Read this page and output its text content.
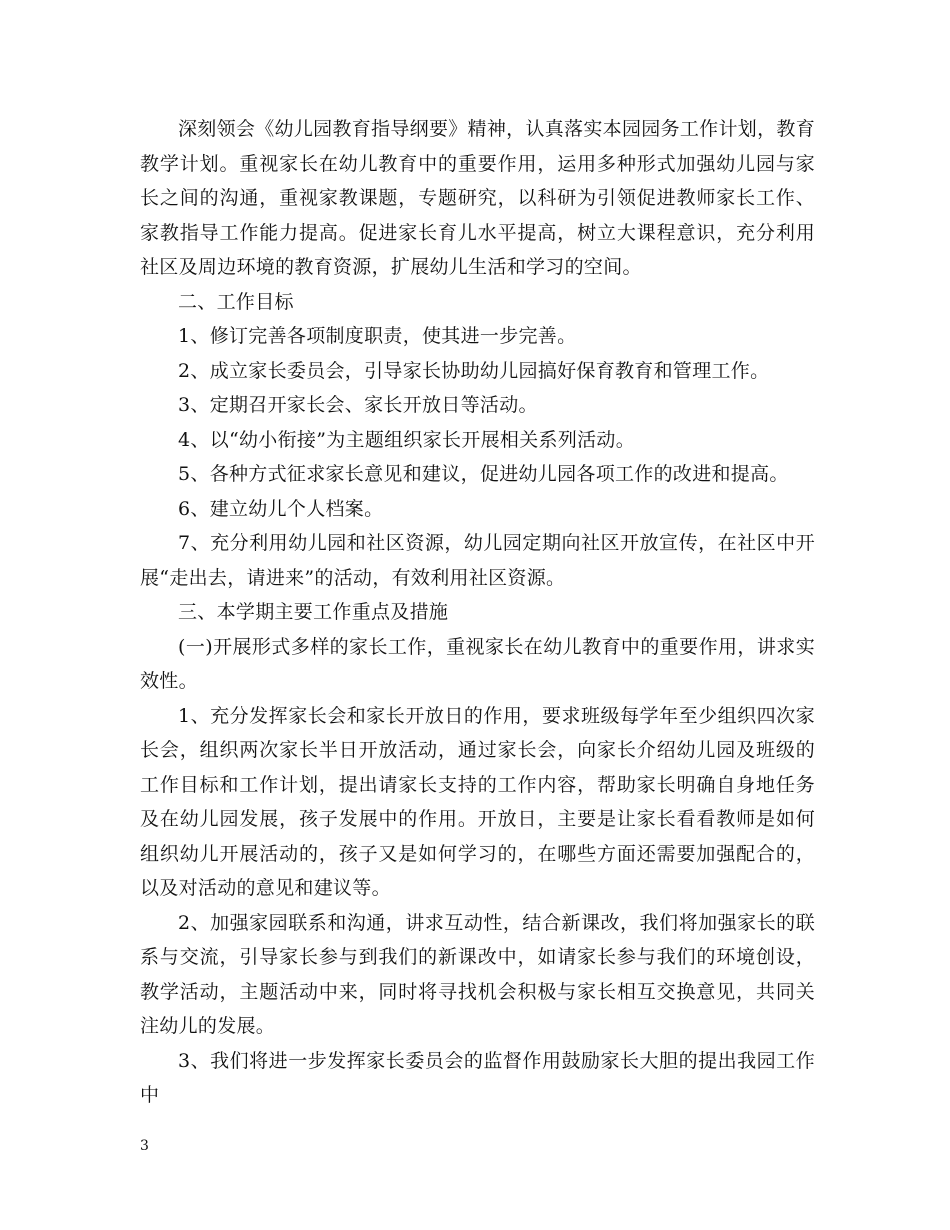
深刻领会《幼儿园教育指导纲要》精神，认真落实本园园务工作计划，教育教学计划。重视家长在幼儿教育中的重要作用，运用多种形式加强幼儿园与家长之间的沟通，重视家教课题，专题研究，以科研为引领促进教师家长工作、家教指导工作能力提高。促进家长育儿水平提高，树立大课程意识，充分利用社区及周边环境的教育资源，扩展幼儿生活和学习的空间。

二、工作目标

1、修订完善各项制度职责，使其进一步完善。

2、成立家长委员会，引导家长协助幼儿园搞好保育教育和管理工作。

3、定期召开家长会、家长开放日等活动。

4、以“幼小衔接”为主题组织家长开展相关系列活动。

5、各种方式征求家长意见和建议，促进幼儿园各项工作的改进和提高。

6、建立幼儿个人档案。

7、充分利用幼儿园和社区资源，幼儿园定期向社区开放宣传，在社区中开展“走出去，请进来”的活动，有效利用社区资源。

三、本学期主要工作重点及措施

(一)开展形式多样的家长工作，重视家长在幼儿教育中的重要作用，讲求实效性。

1、充分发挥家长会和家长开放日的作用，要求班级每学年至少组织四次家长会，组织两次家长半日开放活动，通过家长会，向家长介绍幼儿园及班级的工作目标和工作计划，提出请家长支持的工作内容，帮助家长明确自身地任务及在幼儿园发展，孩子发展中的作用。开放日，主要是让家长看看教师是如何组织幼儿开展活动的，孩子又是如何学习的，在哪些方面还需要加强配合的，以及对活动的意见和建议等。

2、加强家园联系和沟通，讲求互动性，结合新课改，我们将加强家长的联系与交流，引导家长参与到我们的新课改中，如请家长参与我们的环境创设，教学活动，主题活动中来，同时将寻找机会积极与家长相互交换意见，共同关注幼儿的发展。

3、我们将进一步发挥家长委员会的监督作用鼓励家长大胆的提出我园工作中

3
